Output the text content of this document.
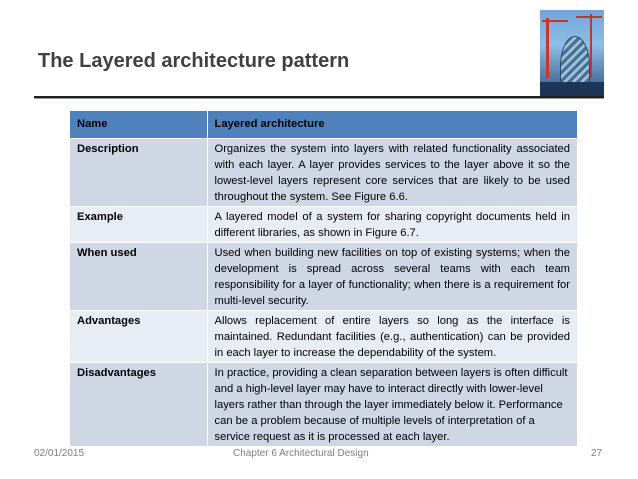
The Layered architecture pattern
Name	Layered architecture
Description	Organizes the system into layers with related functionality associated with each layer. A layer provides services to the layer above it so the lowest-level layers represent core services that are likely to be used throughout the system. See Figure 6.6.
Example	A layered model of a system for sharing copyright documents held in different libraries, as shown in Figure 6.7.
When used	Used when building new facilities on top of existing systems; when the development is spread across several teams with each team responsibility for a layer of functionality; when there is a requirement for multi-level security.
Advantages	Allows replacement of entire layers so long as the interface is maintained. Redundant facilities (e.g., authentication) can be provided in each layer to increase the dependability of the system.
Disadvantages	In practice, providing a clean separation between layers is often difficult and a high-level layer may have to interact directly with lower-level layers rather than through the layer immediately below it. Performance can be a problem because of multiple levels of interpretation of a service request as it is processed at each layer.
02/01/2015	Chapter 6 Architectural Design	27
